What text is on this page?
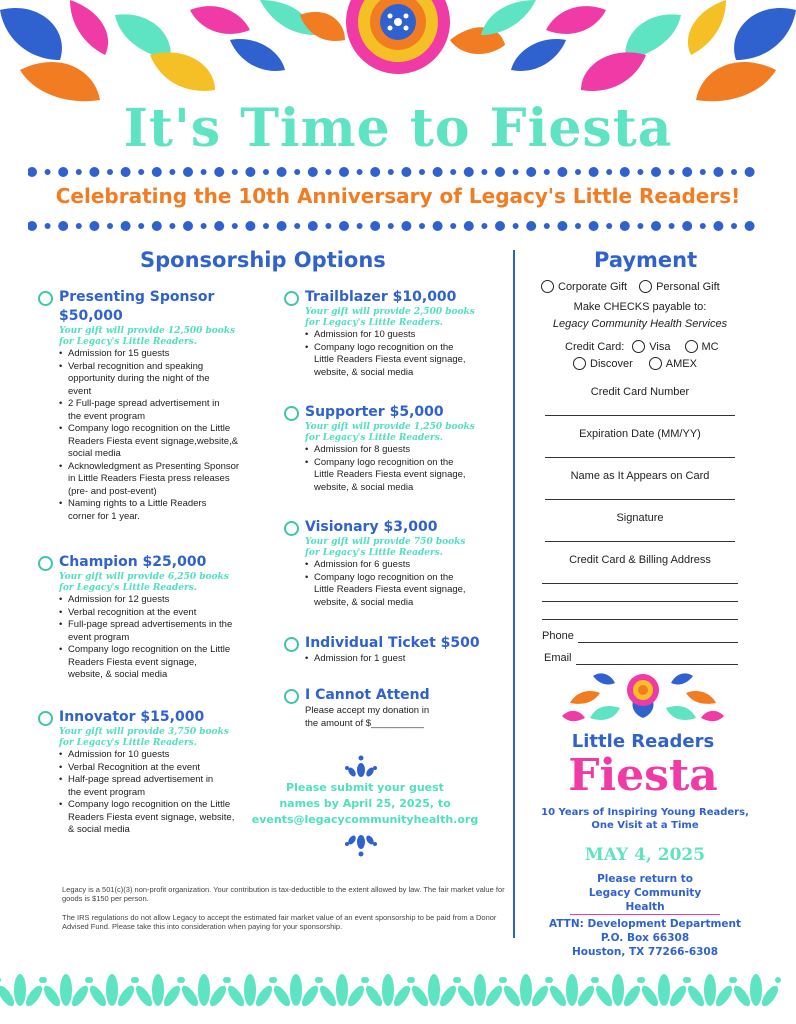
It's Time to Fiesta
Celebrating the 10th Anniversary of Legacy's Little Readers!
Sponsorship Options
Presenting Sponsor
$50,000
Your gift will provide 12,500 books
for Legacy's Little Readers.
• Admission for 15 guests
• Verbal recognition and speaking opportunity during the night of the event
• 2 Full-page spread advertisement in the event program
• Company logo recognition on the Little Readers Fiesta event signage,website,& social media
• Acknowledgment as Presenting Sponsor in Little Readers Fiesta press releases (pre- and post-event)
• Naming rights to a Little Readers corner for 1 year.
Champion $25,000
Your gift will provide 6,250 books
for Legacy's Little Readers.
• Admission for 12 guests
• Verbal recognition at the event
• Full-page spread advertisements in the event program
• Company logo recognition on the Little Readers Fiesta event signage, website, & social media
Innovator $15,000
Your gift will provide 3,750 books
for Legacy's Little Readers.
• Admission for 10 guests
• Verbal Recognition at the event
• Half-page spread advertisement in the event program
• Company logo recognition on the Little Readers Fiesta event signage, website, & social media
Trailblazer $10,000
Your gift will provide 2,500 books
for Legacy's Little Readers.
• Admission for 10 guests
• Company logo recognition on the Little Readers Fiesta event signage, website, & social media
Supporter $5,000
Your gift will provide 1,250 books
for Legacy's Little Readers.
• Admission for 8 guests
• Company logo recognition on the Little Readers Fiesta event signage, website, & social media
Visionary $3,000
Your gift will provide 750 books
for Legacy's Little Readers.
• Admission for 6 guests
• Company logo recognition on the Little Readers Fiesta event signage, website, & social media
Individual Ticket $500
• Admission for 1 guest
I Cannot Attend
Please accept my donation in
the amount of $__________
Please submit your guest
names by April 25, 2025, to
events@legacycommunityhealth.org
Legacy is a 501(c)(3) non-profit organization. Your contribution is tax-deductible to the extent allowed by law. The fair market value for goods is $150 per person.
The IRS regulations do not allow Legacy to accept the estimated fair market value of an event sponsorship to be paid from a Donor Advised Fund. Please take this into consideration when paying for your sponsorship.
Payment
Corporate Gift	Personal Gift
Make CHECKS payable to:
Legacy Community Health Services
Credit Card: Visa	MC
Discover	AMEX
Credit Card Number
Expiration Date (MM/YY)
Name as It Appears on Card
Signature
Credit Card & Billing Address
Phone
Email
Little Readers
Fiesta
10 Years of Inspiring Young Readers,
One Visit at a Time
MAY 4, 2025
Please return to
Legacy Community Health
ATTN: Development Department
P.O. Box 66308
Houston, TX 77266-6308
